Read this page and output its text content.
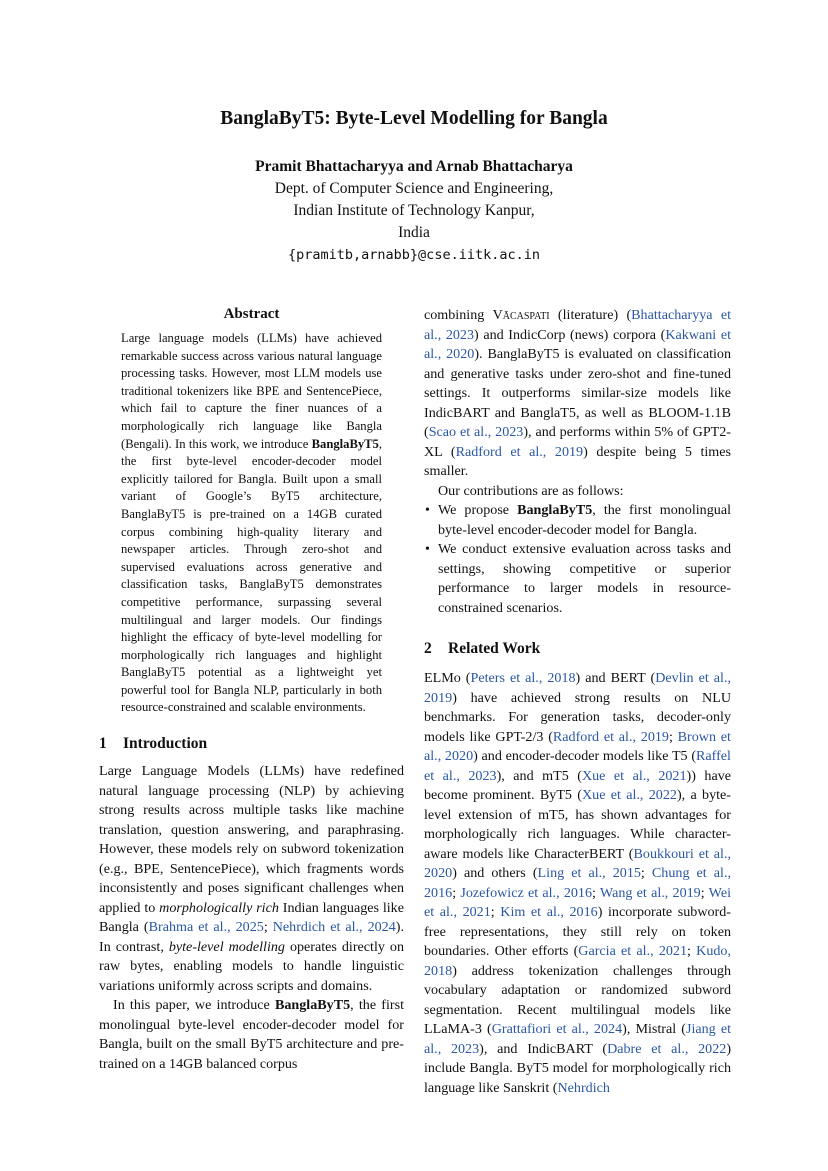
BanglaByT5: Byte-Level Modelling for Bangla
Pramit Bhattacharyya and Arnab Bhattacharya
Dept. of Computer Science and Engineering,
Indian Institute of Technology Kanpur,
India
{pramitb,arnabb}@cse.iitk.ac.in
Abstract

Large language models (LLMs) have achieved remarkable success across various natural language processing tasks. However, most LLM models use traditional tokenizers like BPE and SentencePiece, which fail to capture the finer nuances of a morphologically rich language like Bangla (Bengali). In this work, we introduce BanglaByT5, the first byte-level encoder-decoder model explicitly tailored for Bangla. Built upon a small variant of Google’s ByT5 architecture, BanglaByT5 is pre-trained on a 14GB curated corpus combining high-quality literary and newspaper articles. Through zero-shot and supervised evaluations across generative and classification tasks, BanglaByT5 demonstrates competitive performance, surpassing several multilingual and larger models. Our findings highlight the efficacy of byte-level modelling for morphologically rich languages and highlight BanglaByT5 potential as a lightweight yet powerful tool for Bangla NLP, particularly in both resource-constrained and scalable environments.

1 Introduction

Large Language Models (LLMs) have redefined natural language processing (NLP) by achieving strong results across multiple tasks like machine translation, question answering, and paraphrasing. However, these models rely on subword tokenization (e.g., BPE, SentencePiece), which fragments words inconsistently and poses significant challenges when applied to morphologically rich Indian languages like Bangla (Brahma et al., 2025; Nehrdich et al., 2024). In contrast, byte-level modelling operates directly on raw bytes, enabling models to handle linguistic variations uniformly across scripts and domains.

In this paper, we introduce BanglaByT5, the first monolingual byte-level encoder-decoder model for Bangla, built on the small ByT5 architecture and pre-trained on a 14GB balanced corpus

combining Vācaspati (literature) (Bhattacharyya et al., 2023) and IndicCorp (news) corpora (Kakwani et al., 2020). BanglaByT5 is evaluated on classification and generative tasks under zero-shot and fine-tuned settings. It outperforms similar-size models like IndicBART and BanglaT5, as well as BLOOM-1.1B (Scao et al., 2023), and performs within 5% of GPT2-XL (Radford et al., 2019) despite being 5 times smaller.

Our contributions are as follows:

• We propose BanglaByT5, the first monolingual byte-level encoder-decoder model for Bangla.
• We conduct extensive evaluation across tasks and settings, showing competitive or superior performance to larger models in resource-constrained scenarios.
2 Related Work

ELMo (Peters et al., 2018) and BERT (Devlin et al., 2019) have achieved strong results on NLU benchmarks. For generation tasks, decoder-only models like GPT-2/3 (Radford et al., 2019; Brown et al., 2020) and encoder-decoder models like T5 (Raffel et al., 2023), and mT5 (Xue et al., 2021)) have become prominent. ByT5 (Xue et al., 2022), a byte-level extension of mT5, has shown advantages for morphologically rich languages. While character-aware models like CharacterBERT (Boukkouri et al., 2020) and others (Ling et al., 2015; Chung et al., 2016; Jozefowicz et al., 2016; Wang et al., 2019; Wei et al., 2021; Kim et al., 2016) incorporate subword-free representations, they still rely on token boundaries. Other efforts (Garcia et al., 2021; Kudo, 2018) address tokenization challenges through vocabulary adaptation or randomized subword segmentation. Recent multilingual models like LLaMA-3 (Grattafiori et al., 2024), Mistral (Jiang et al., 2023), and IndicBART (Dabre et al., 2022) include Bangla. ByT5 model for morphologically rich language like Sanskrit (Nehrdich
